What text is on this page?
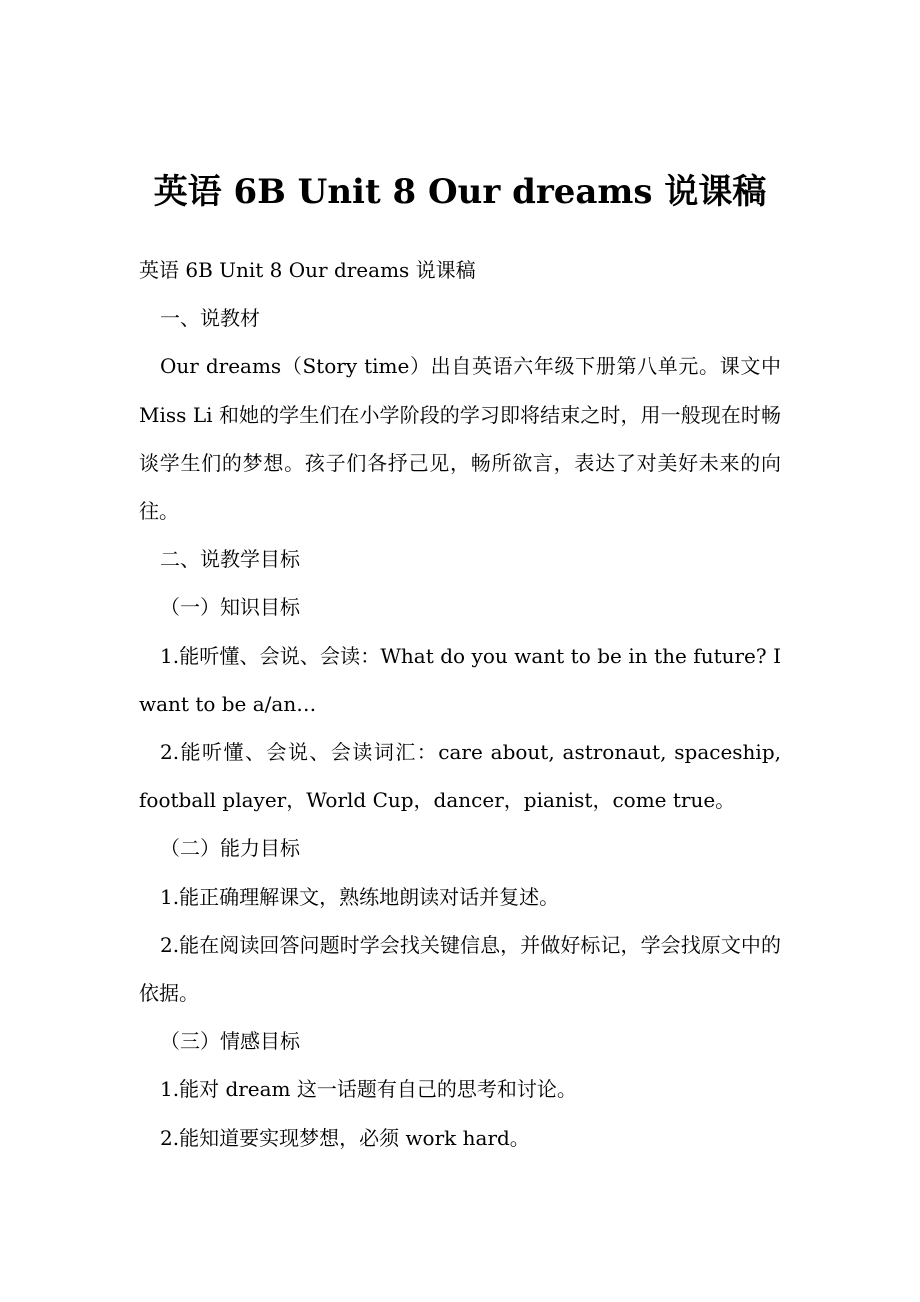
英语 6B Unit 8 Our dreams 说课稿

英语 6B Unit 8 Our dreams 说课稿

一、说教材

Our dreams（Story time）出自英语六年级下册第八单元。课文中 Miss Li 和她的学生们在小学阶段的学习即将结束之时，用一般现在时畅谈学生们的梦想。孩子们各抒己见，畅所欲言，表达了对美好未来的向往。

二、说教学目标

（一）知识目标

1.能听懂、会说、会读：What do you want to be in the future? I want to be a/an…

2.能听懂、会说、会读词汇：care about, astronaut, spaceship, football player，World Cup，dancer，pianist，come true。

（二）能力目标

1.能正确理解课文，熟练地朗读对话并复述。

2.能在阅读回答问题时学会找关键信息，并做好标记，学会找原文中的依据。

（三）情感目标

1.能对 dream 这一话题有自己的思考和讨论。

2.能知道要实现梦想，必须 work hard。
